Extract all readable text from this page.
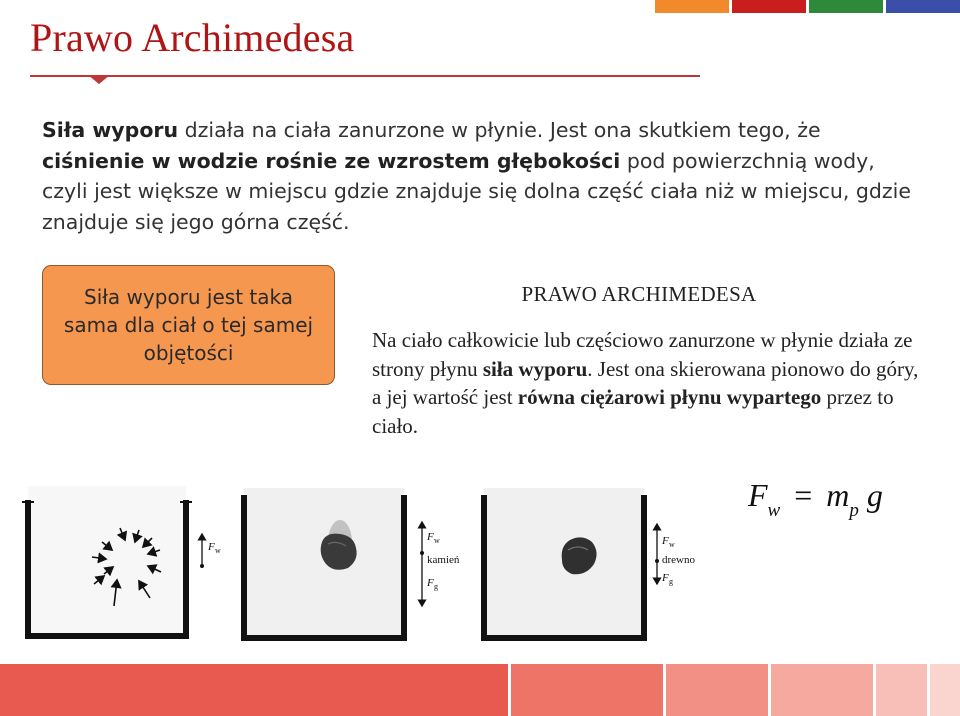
Prawo Archimedesa
Siła wyporu działa na ciała zanurzone w płynie. Jest ona skutkiem tego, że ciśnienie w wodzie rośnie ze wzrostem głębokości pod powierzchnią wody, czyli jest większe w miejscu gdzie znajduje się dolna część ciała niż w miejscu, gdzie znajduje się jego górna część.
Siła wyporu jest taka sama dla ciał o tej samej objętości
PRAWO ARCHIMEDESA
Na ciało całkowicie lub częściowo zanurzone w płynie działa ze strony płynu siła wyporu. Jest ona skierowana pionowo do góry, a jej wartość jest równa ciężarowi płynu wypartego przez to ciało.
$F_w = m_p$ g
F w
F w
kamień
F g
F w
drewno
F g
